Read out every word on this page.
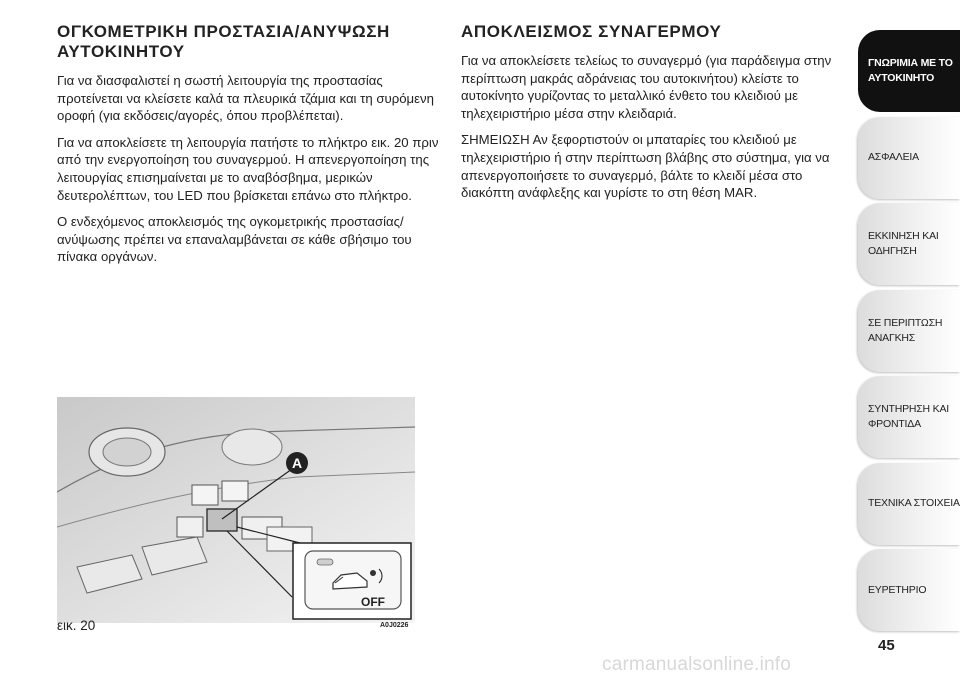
ΟΓΚΟΜΕΤΡΙΚΗ ΠΡΟΣΤΑΣΙΑ/ΑΝΥΨΩΣΗ ΑΥΤΟΚΙΝΗΤΟΥ

Για να διασφαλιστεί η σωστή λειτουργία της προστασίας προτείνεται να κλείσετε καλά τα πλευρικά τζάμια και τη συρόμενη οροφή (για εκδόσεις/αγορές, όπου προβλέπεται).

Για να αποκλείσετε τη λειτουργία πατήστε το πλήκτρο εικ. 20 πριν από την ενεργοποίηση του συναγερμού. Η απενεργοποίηση της λειτουργίας επισημαίνεται με το αναβόσβημα, μερικών δευτερολέπτων, του LED που βρίσκεται επάνω στο πλήκτρο.

Ο ενδεχόμενος αποκλεισμός της ογκομετρικής προστασίας/ ανύψωσης πρέπει να επαναλαμβάνεται σε κάθε σβήσιμο του πίνακα οργάνων.

ΑΠΟΚΛΕΙΣΜΟΣ ΣΥΝΑΓΕΡΜΟΥ

Για να αποκλείσετε τελείως το συναγερμό (για παράδειγμα στην περίπτωση μακράς αδράνειας του αυτοκινήτου) κλείστε το αυτοκίνητο γυρίζοντας το μεταλλικό ένθετο του κλειδιού με τηλεχειριστήριο μέσα στην κλειδαριά.

ΣΗΜΕΙΩΣΗ Αν ξεφορτιστούν οι μπαταρίες του κλειδιού με τηλεχειριστήριο ή στην περίπτωση βλάβης στο σύστημα, για να απενεργοποιήσετε το συναγερμό, βάλτε το κλειδί μέσα στο διακόπτη ανάφλεξης και γυρίστε το στη θέση MAR.

A
OFF
εικ. 20	A0J0226
ΓΝΩΡΙΜΙΑ ΜΕ ΤΟ
ΑΥΤΟΚΙΝΗΤΟ
ΑΣΦΑΛΕΙΑ
ΕΚΚΙΝΗΣΗ ΚΑΙ
ΟΔΗΓΗΣΗ
ΣΕ ΠΕΡΙΠΤΩΣΗ
ΑΝΑΓΚΗΣ
ΣΥΝΤΗΡΗΣΗ ΚΑΙ
ΦΡΟΝΤΙΔΑ
ΤΕΧΝΙΚΑ ΣΤΟΙΧΕΙΑ
ΕΥΡΕΤΗΡΙΟ
45
carmanualsonline.info
